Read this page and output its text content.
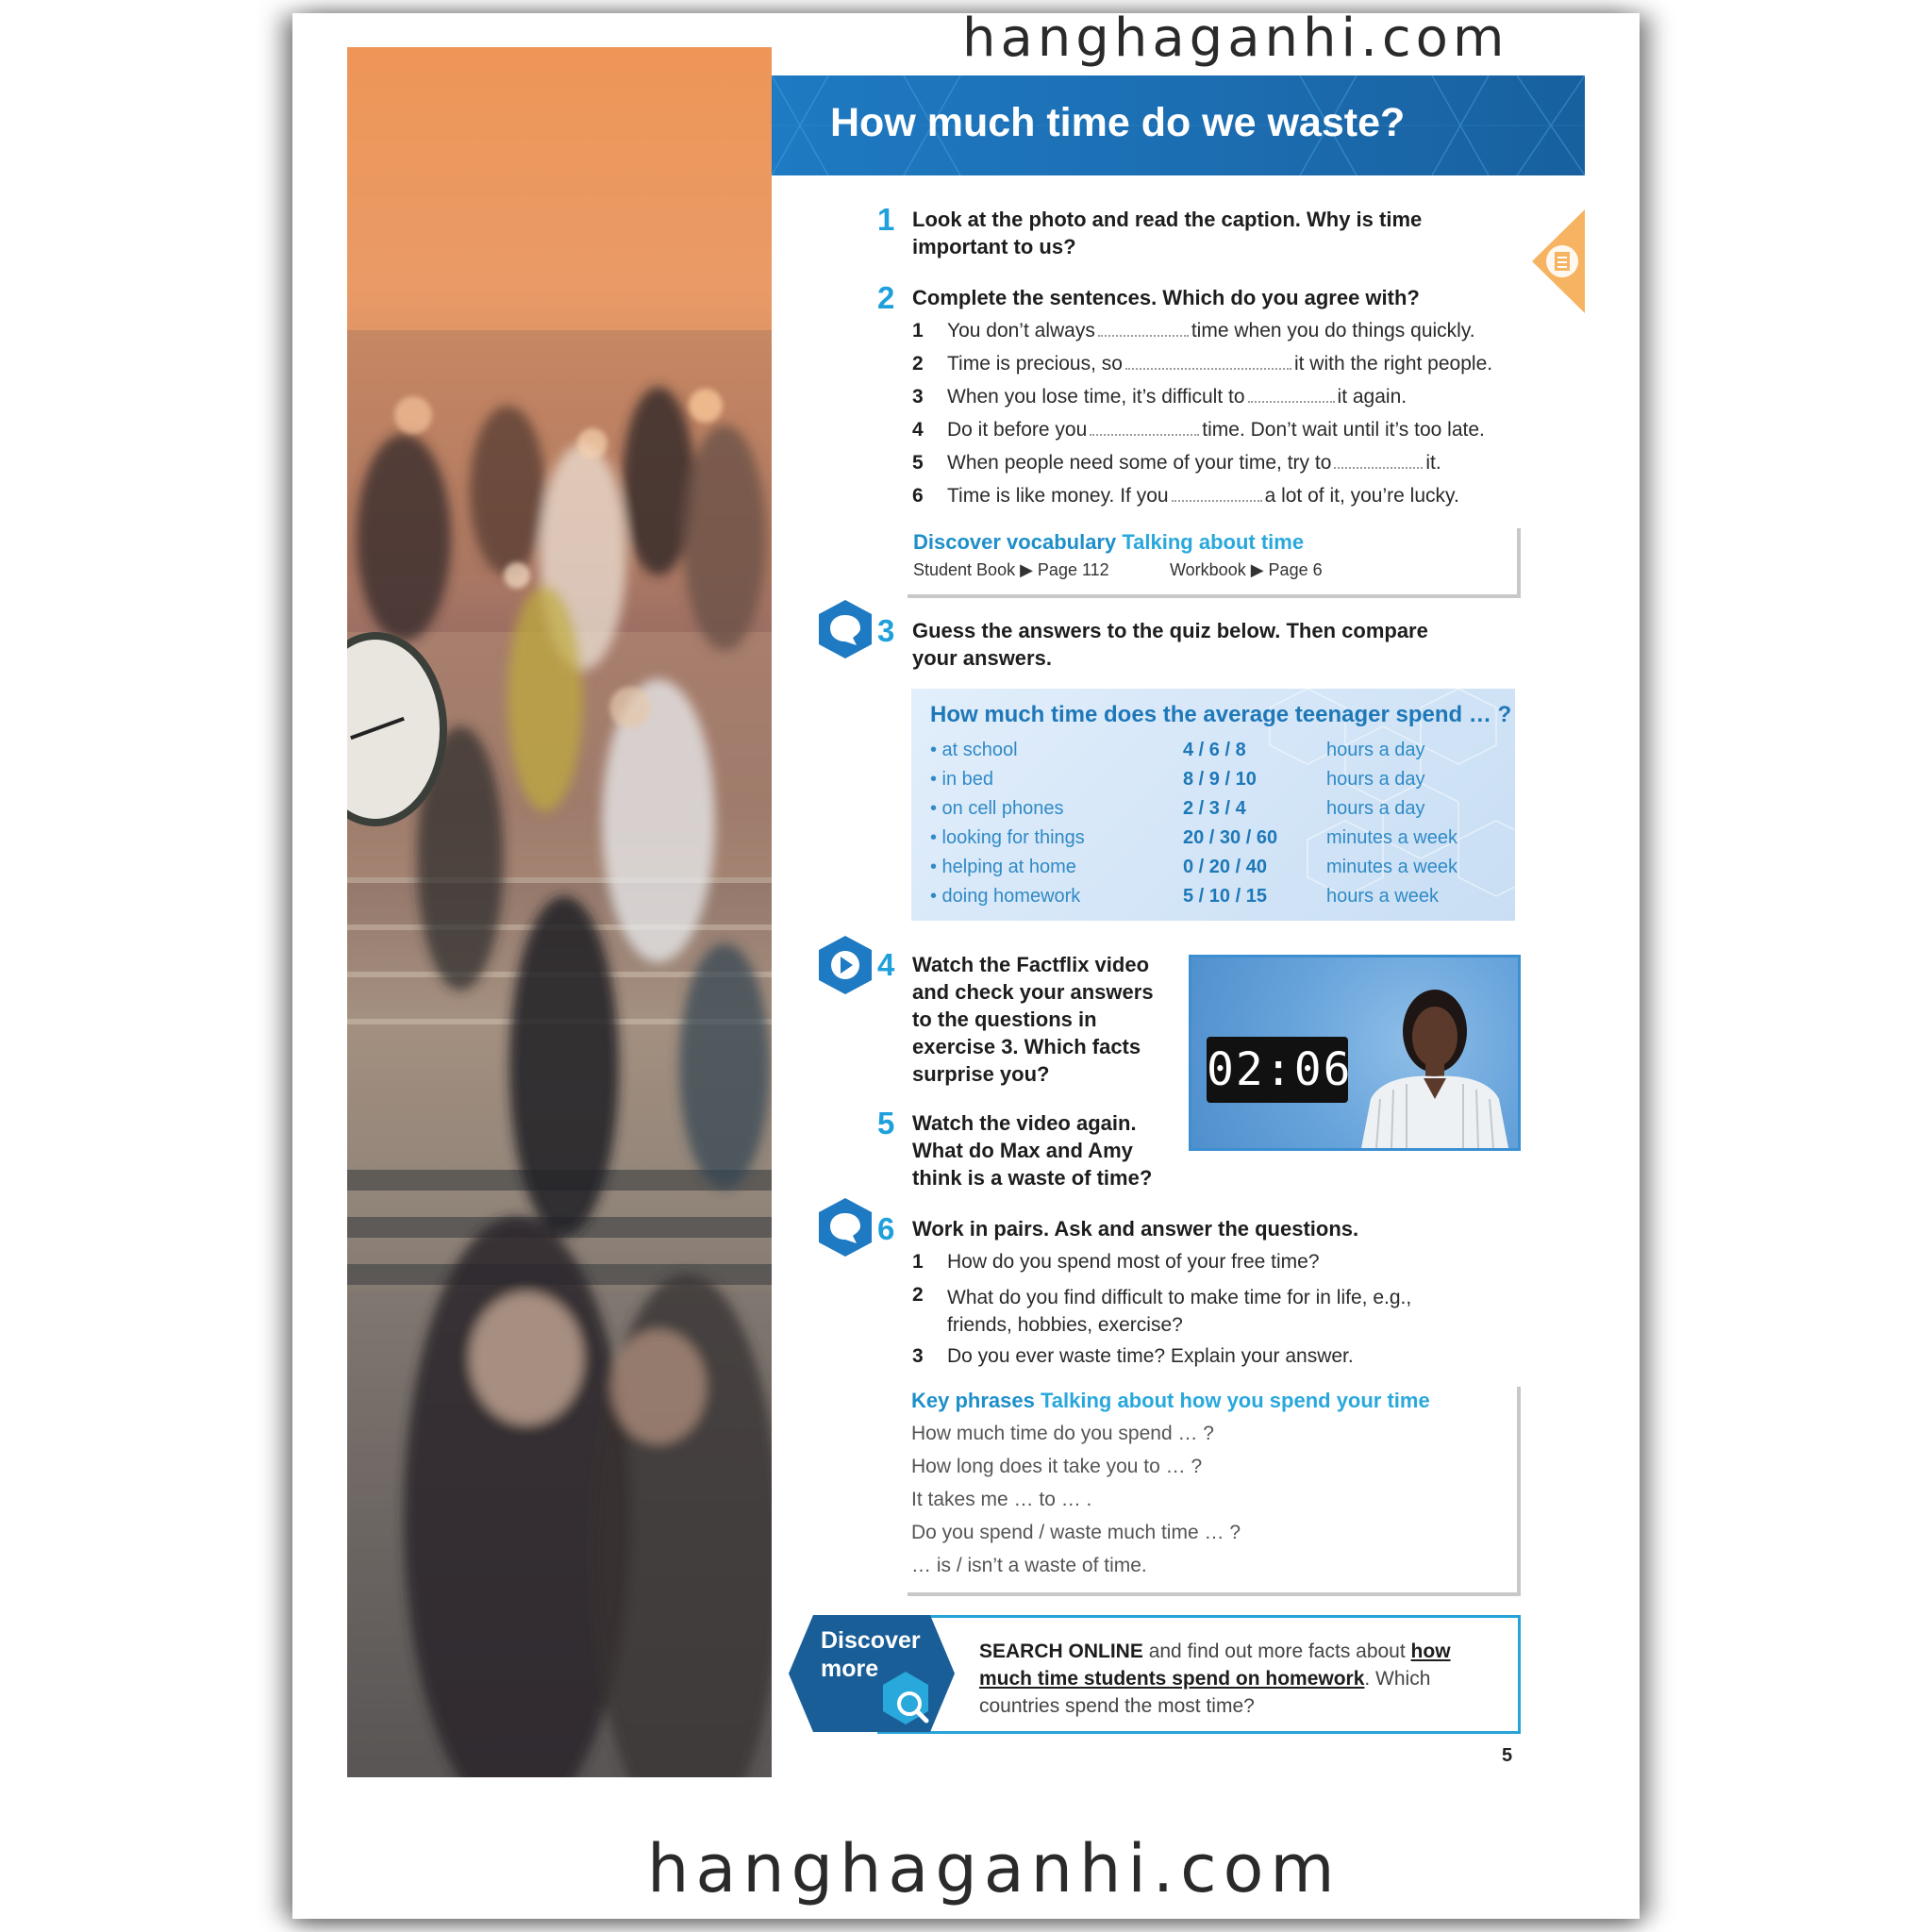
hanghaganhi.com
How much time do we waste?
1 Look at the photo and read the caption. Why is time important to us?
2 Complete the sentences. Which do you agree with?
1 You don’t always	time when you do things quickly.
2 Time is precious, so	it with the right people.
3 When you lose time, it’s difficult to	it again.
4 Do it before you	time. Don’t wait until it’s too late.
5 When people need some of your time, try to	it.
6 Time is like money. If you	a lot of it, you’re lucky.
Discover vocabulary Talking about time
Student Book ▶ Page 112	Workbook ▶ Page 6
3 Guess the answers to the quiz below. Then compare your answers.
How much time does the average teenager spend … ?
• at school	4 / 6 / 8	hours a day
• in bed	8 / 9 / 10	hours a day
• on cell phones	2 / 3 / 4	hours a day
• looking for things	20 / 30 / 60	minutes a week
• helping at home	0 / 20 / 40	minutes a week
• doing homework	5 / 10 / 15	hours a week
4 Watch the Factflix video and check your answers to the questions in exercise 3. Which facts surprise you?	02:06
5 Watch the video again. What do Max and Amy think is a waste of time?
6 Work in pairs. Ask and answer the questions.
1 How do you spend most of your free time?
2 What do you find difficult to make time for in life, e.g., friends, hobbies, exercise?
3 Do you ever waste time? Explain your answer.
Key phrases Talking about how you spend your time
How much time do you spend … ?
How long does it take you to … ?
It takes me … to … .
Do you spend / waste much time … ?
… is / isn’t a waste of time.
Discover
more
SEARCH ONLINE and find out more facts about how much time students spend on homework. Which countries spend the most time?
5
hanghaganhi.com
